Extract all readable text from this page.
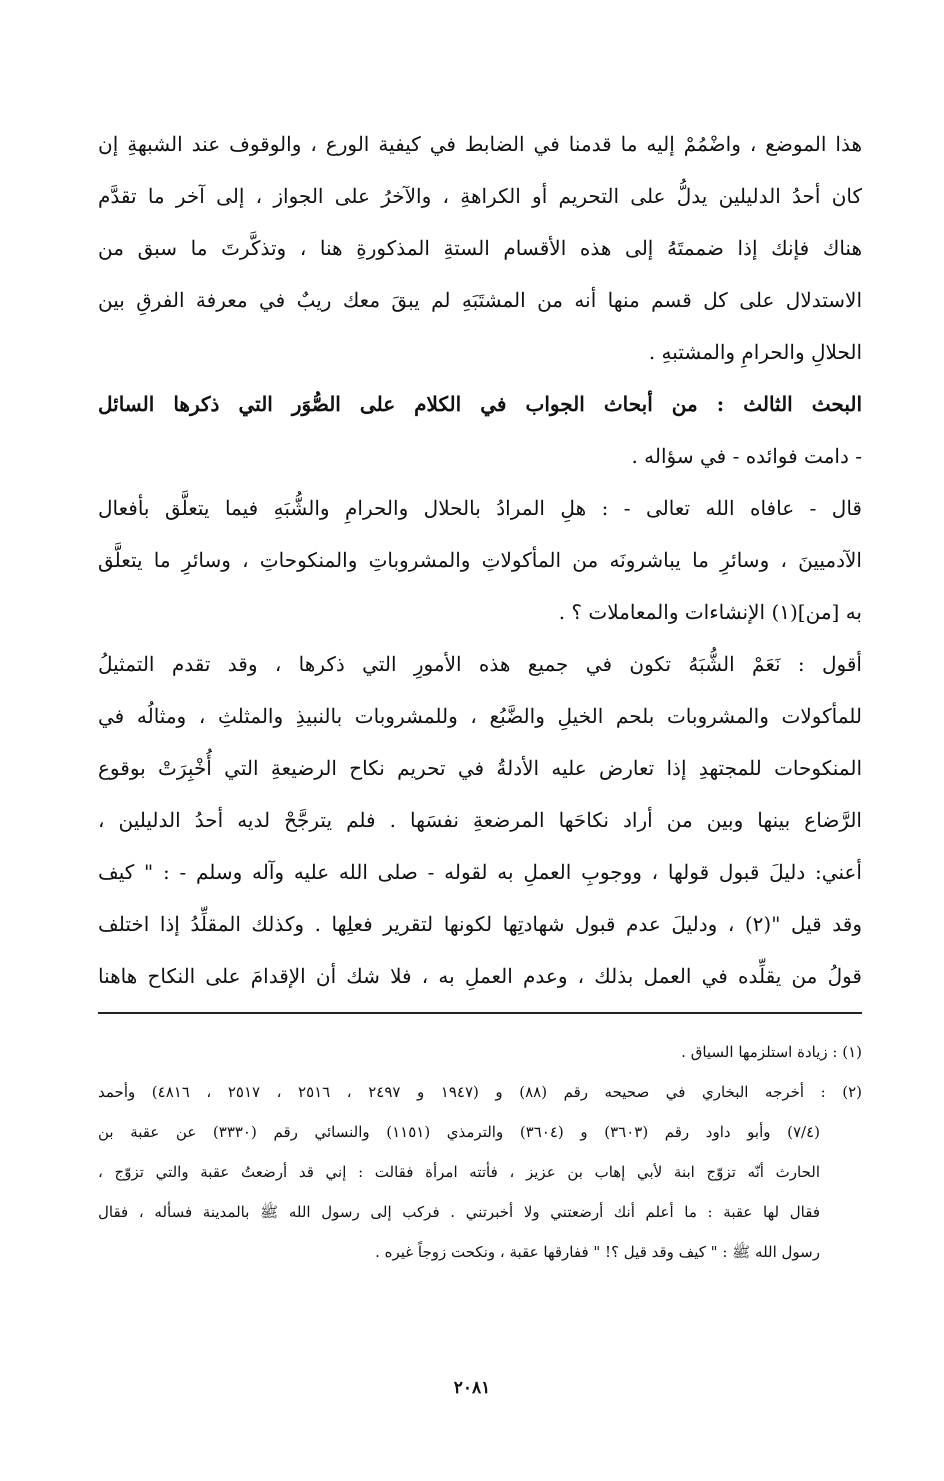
هذا الموضع ، واضْمُمْ إليه ما قدمنا في الضابط في كيفية الورع ، والوقوف عند الشبهةِ إن
كان أحدُ الدليلين يدلُّ على التحريم أو الكراهةِ ، والآخرُ على الجواز ، إلى آخر ما تقدَّم
هناك فإنك إذا ضممتَهُ إلى هذه الأقسام الستةِ المذكورةِ هنا ، وتذكَّرتَ ما سبق من
الاستدلال على كل قسم منها أنه من المشتَبَهِ لم يبقَ معك ريبٌ في معرفة الفرقِ بين
الحلالِ والحرامِ والمشتبهِ .
البحث الثالث : من أبحاث الجواب في الكلام على الصُّوَر التي ذكرها السائل
- دامت فوائده - في سؤاله .
قال - عافاه الله تعالى - : هلِ المرادُ بالحلال والحرامِ والشُّبَهِ فيما يتعلَّق بأفعال
الآدميينَ ، وسائرِ ما يباشرونَه من المأكولاتِ والمشروباتِ والمنكوحاتِ ، وسائرِ ما يتعلَّق
به [من](١) الإنشاءات والمعاملات ؟ .
أقول : نَعَمْ الشُّبَهُ تكون في جميع هذه الأمورِ التي ذكرها ، وقد تقدم التمثيلُ
للمأكولات والمشروبات بلحم الخيلِ والضَّبُع ، وللمشروبات بالنبيذِ والمثلثِ ، ومثالُه في
المنكوحات للمجتهدِ إذا تعارض عليه الأدلةُ في تحريم نكاح الرضيعةِ التي أُخْبِرَتْ بوقوع
الرَّضاع بينها وبين من أراد نكاحَها المرضعةِ نفسَها . فلم يترجَّحْ لديه أحدُ الدليلين ،
أعني: دليلَ قبول قولها ، ووجوبِ العملِ به لقوله - صلى الله عليه وآله وسلم - : " كيف
وقد قيل "(٢) ، ودليلَ عدم قبول شهادتِها لكونها لتقرير فعلِها . وكذلك المقلِّدُ إذا اختلف
قولُ من يقلِّده في العمل بذلك ، وعدم العملِ به ، فلا شك أن الإقدامَ على النكاح هاهنا
(١) : زيادة استلزمها السياق .
(٢) : أخرجه البخاري في صحيحه رقم (٨٨) و (١٩٤٧ و ٢٤٩٧ ، ٢٥١٦ ، ٢٥١٧ ، ٤٨١٦) وأحمد
(٧/٤) وأبو داود رقم (٣٦٠٣) و (٣٦٠٤) والترمذي (١١٥١) والنسائي رقم (٣٣٣٠) عن عقبة بن
الحارث أنّه تزوّج ابنة لأبي إهاب بن عزيز ، فأتته امرأة فقالت : إني قد أرضعتُ عقبة والتي تزوّج ،
فقال لها عقبة : ما أعلم أنك أرضعتني ولا أخبرتني . فركب إلى رسول الله ﷺ بالمدينة فسأله ، فقال
رسول الله ﷺ : " كيف وقد قيل ؟! " ففارقها عقبة ، ونكحت زوجاً غيره .
٢٠٨١
